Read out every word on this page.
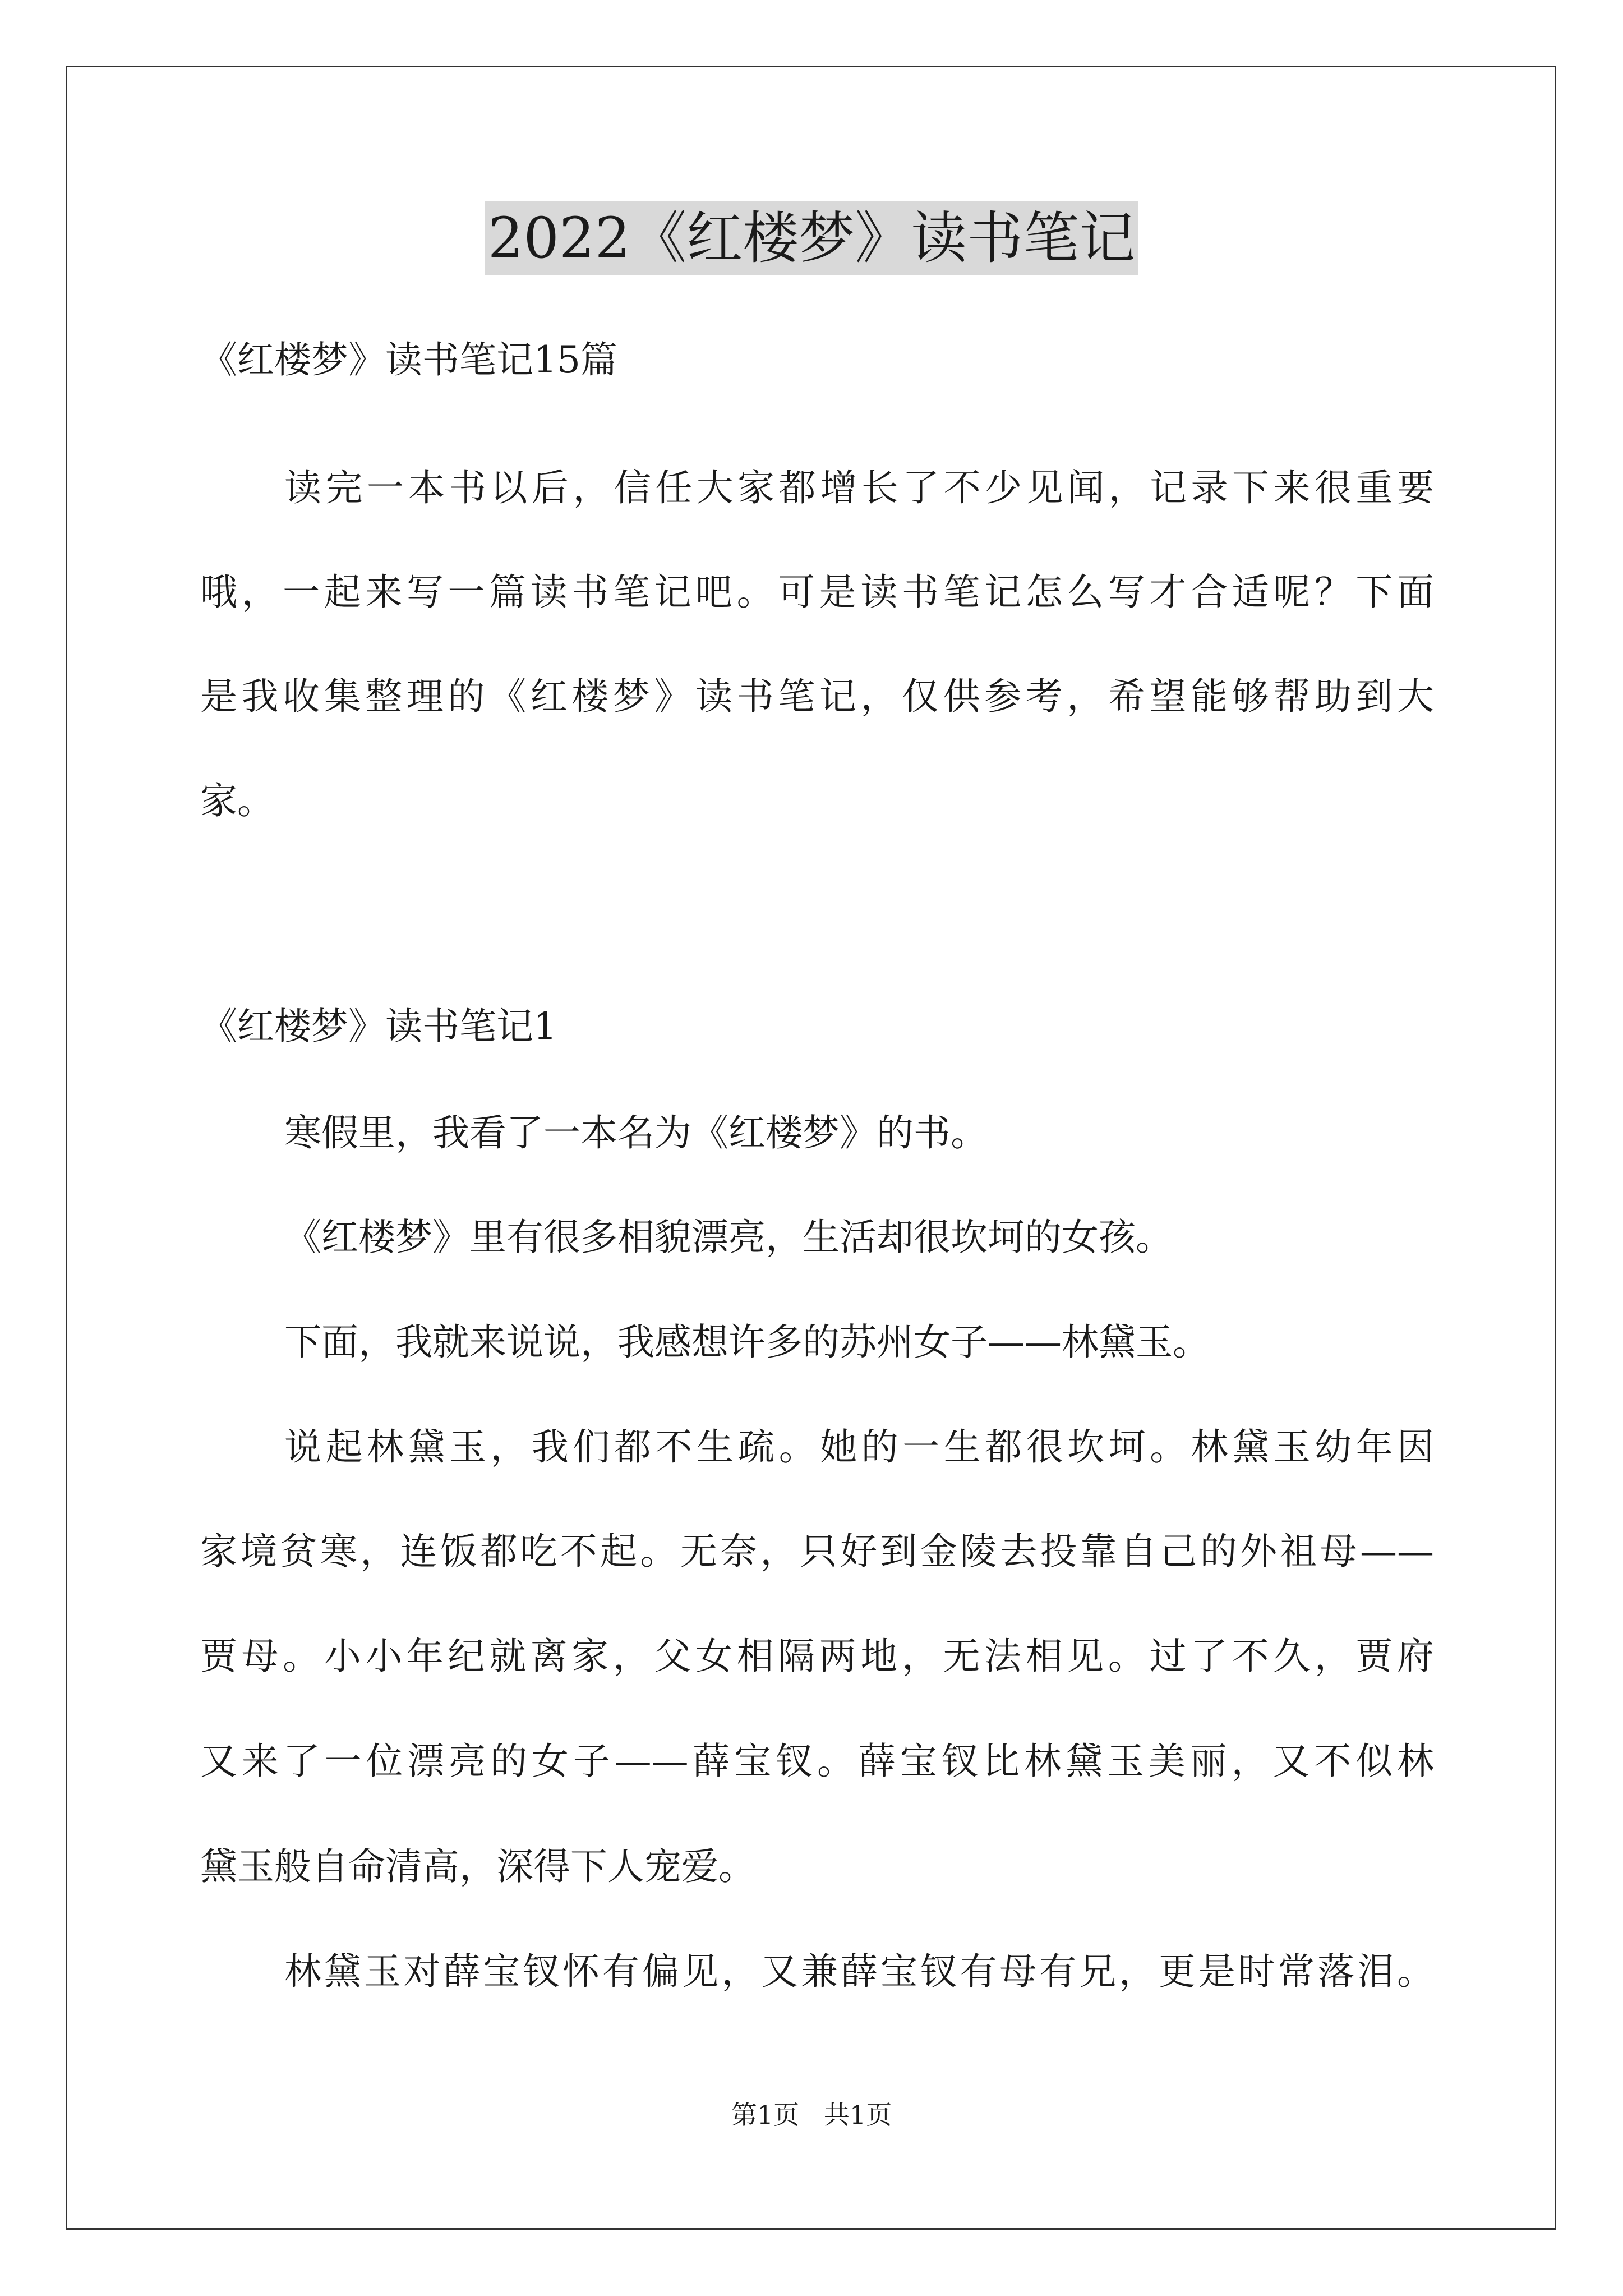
2022《红楼梦》读书笔记
《红楼梦》读书笔记15篇
读完一本书以后，信任大家都增长了不少见闻，记录下来很重要
哦，一起来写一篇读书笔记吧。可是读书笔记怎么写才合适呢？下面
是我收集整理的《红楼梦》读书笔记，仅供参考，希望能够帮助到大
家。
《红楼梦》读书笔记1
寒假里，我看了一本名为《红楼梦》的书。
《红楼梦》里有很多相貌漂亮，生活却很坎坷的女孩。
下面，我就来说说，我感想许多的苏州女子——林黛玉。
说起林黛玉，我们都不生疏。她的一生都很坎坷。林黛玉幼年因
家境贫寒，连饭都吃不起。无奈，只好到金陵去投靠自己的外祖母——
贾母。小小年纪就离家，父女相隔两地，无法相见。过了不久，贾府
又来了一位漂亮的女子——薛宝钗。薛宝钗比林黛玉美丽，又不似林
黛玉般自命清高，深得下人宠爱。
林黛玉对薛宝钗怀有偏见，又兼薛宝钗有母有兄，更是时常落泪。
第1页   共1页
